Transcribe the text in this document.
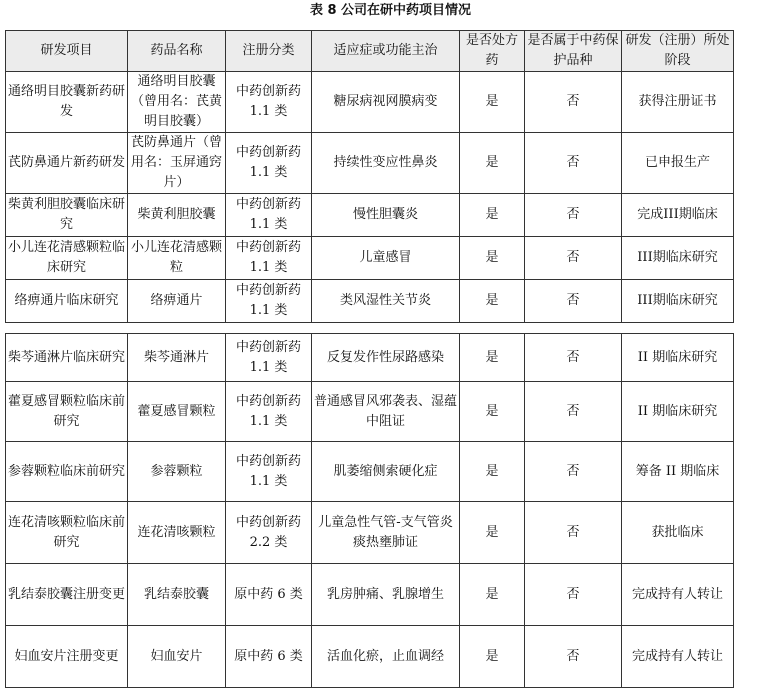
表 8 公司在研中药项目情况
研发项目	药品名称	注册分类	适应症或功能主治	是否处方药	是否属于中药保护品种	研发（注册）所处阶段
通络明目胶囊新药研发	通络明目胶囊（曾用名：芪黄明目胶囊）	中药创新药 1.1 类	糖尿病视网膜病变	是	否	获得注册证书
芪防鼻通片新药研发	芪防鼻通片（曾用名：玉屏通窍片）	中药创新药 1.1 类	持续性变应性鼻炎	是	否	已申报生产
柴黄利胆胶囊临床研究	柴黄利胆胶囊	中药创新药 1.1 类	慢性胆囊炎	是	否	完成III期临床
小儿连花清感颗粒临床研究	小儿连花清感颗粒	中药创新药 1.1 类	儿童感冒	是	否	III期临床研究
络痹通片临床研究	络痹通片	中药创新药 1.1 类	类风湿性关节炎	是	否	III期临床研究
柴芩通淋片临床研究	柴芩通淋片	中药创新药 1.1 类	反复发作性尿路感染	是	否	II 期临床研究
藿夏感冒颗粒临床前研究	藿夏感冒颗粒	中药创新药 1.1 类	普通感冒风邪袭表、湿蕴中阻证	是	否	II 期临床研究
参蓉颗粒临床前研究	参蓉颗粒	中药创新药 1.1 类	肌萎缩侧索硬化症	是	否	筹备 II 期临床
连花清咳颗粒临床前研究	连花清咳颗粒	中药创新药 2.2 类	儿童急性气管-支气管炎痰热壅肺证	是	否	获批临床
乳结泰胶囊注册变更	乳结泰胶囊	原中药 6 类	乳房肿痛、乳腺增生	是	否	完成持有人转让
妇血安片注册变更	妇血安片	原中药 6 类	活血化瘀，止血调经	是	否	完成持有人转让
